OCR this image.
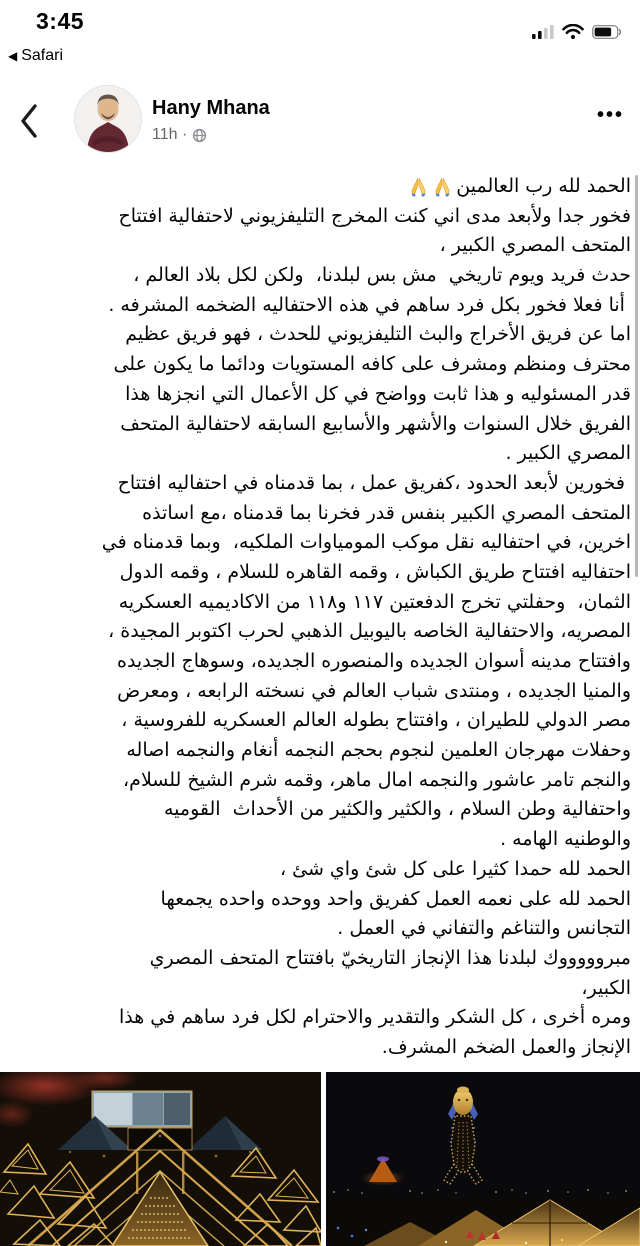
3:45
◀ Safari
Hany Mhana
11h ·
•••
الحمد لله رب العالمين
فخور جدا ولأبعد مدى اني كنت المخرج التليفزيوني لاحتفالية افتتاح
المتحف المصري الكبير ،
حدث فريد ويوم تاريخي  مش بس لبلدنا،  ولكن لكل بلاد العالم ،
أنا فعلا فخور بكل فرد ساهم في هذه الاحتفاليه الضخمه المشرفه .
اما عن فريق الأخراج والبث التليفزيوني للحدث ، فهو فريق عظيم
محترف ومنظم ومشرف على كافه المستويات ودائما ما يكون على
قدر المسئوليه و هذا ثابت وواضح في كل الأعمال التي انجزها هذا
الفريق خلال السنوات والأشهر والأسابيع السابقه لاحتفالية المتحف
المصري الكبير .
فخورين لأبعد الحدود ،كفريق عمل ، بما قدمناه في احتفاليه افتتاح
المتحف المصري الكبير بنفس قدر فخرنا بما قدمناه ،مع اساتذه
اخرين، في احتفاليه نقل موكب المومياوات الملكيه،  وبما قدمناه في
احتفاليه افتتاح طريق الكباش ، وقمه القاهره للسلام ، وقمه الدول
الثمان،  وحفلتي تخرج الدفعتين ١١٧ و١١٨ من الاكاديميه العسكريه
المصريه، والاحتفالية الخاصه باليوبيل الذهبي لحرب اكتوبر المجيدة ،
وافتتاح مدينه أسوان الجديده والمنصوره الجديده، وسوهاج الجديده
والمنيا الجديده ، ومنتدى شباب العالم في نسخته الرابعه ، ومعرض
مصر الدولي للطيران ، وافتتاح بطوله العالم العسكريه للفروسية ،
وحفلات مهرجان العلمين لنجوم بحجم النجمه أنغام والنجمه اصاله
والنجم تامر عاشور والنجمه امال ماهر، وقمه شرم الشيخ للسلام،
واحتفالية وطن السلام ، والكثير والكثير من الأحداث  القوميه
والوطنيه الهامه .
الحمد لله حمدا كثيرا على كل شئ واي شئ ،
الحمد لله على نعمه العمل كفريق واحد ووحده واحده يجمعها
التجانس والتناغم والتفاني في العمل .
مبروووووك لبلدنا هذا الإنجاز التاريخيّ بافتتاح المتحف المصري
الكبير،
ومره أخرى ، كل الشكر والتقدير والاحترام لكل فرد ساهم في هذا
الإنجاز والعمل الضخم المشرف.
